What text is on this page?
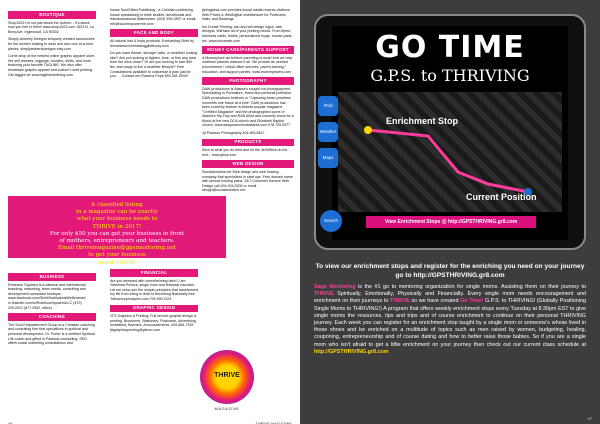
BOUTIQUE
Shop1523 I'm not just about the clothes... It's about how you feel in them! www.shop1523.com 1523 N. La Brea Ave. Inglewood, CA 90302
Simply Amberly Designs Uniquely created accessories for the women looking to wear and own one-of-a-kind pieces. simplyamberlydesigns.etsy.com
Come shop at the newest online graphic apparel store. We sell dresses, leggings, hoodies, shirts, and more featuring your favorite TAGLINE. We also offer wholesale graphic apparel and custom t-shirt printing. Get tagged at: www.taglinesclothing.com
BUSINESS
Robinson Squared is a national and international branding, marketing, team-needs, consulting and development consultant boutique. www.facebook.com/SheWhoMarketsWellInvests/ m.linkedin.com/in/RobinsonSquaredLLC (470) 209.2021 (877.2552, office)
COACHING
The Soul Empowerment Group is a Christian coaching and consulting firm that specializes in spiritual and personal development. Dr. Porter is a certified Spiritual Life coach and gifted in Pastoral counseling. SEG offers social marketing consultations and
house SoulGifted Publishing - a Christian publishing house specializing in bible studies, devotionals and transformational testimonies. (404) 599-2857 or email: info@soulempowerme.com
FACE AND BODY
All natural hair & body products. Everlasting Glide by Ieesa!www.everlastingglidebody.com
Do you want thicker, stronger nails, or healthier looking skin? Are you looking to tighten, tone, or firm any area from the neck down? Or are you looking to lose $40 lbs. and ready to live a healthier lifestyle? Free Consultations available to customize a plan just for you. . . Contact me Rowena Pope 803.391.5944!
FINANCIAL
Are you stressed with overwhelming debt? I am Yamesha Pullock, single mom and financial educator. Let me show you the simple principles that transformed my life from being in debt to becoming financially free. Yafinanceprinciples.com 706.999.2221
GRAPHIC DESIGN
JTS Graphics & Printing: Full service graphic design & printing. Brochures, Stationery, Postcards, Advertising, Invitations, Banners, Announcements. 626.664.7339 jtsgraphicsprinting@yahoo.com
jtsfmglobal.com provides social media reverse citations. Web Prices & WebDigital mobileinsure for Pedicures, Nails, and Bookings
Ink Create Printing: can and will design logos, web designs. Will take all of your printing needs. From flyers, business cards, tshirts, personalized mugs, mouse pads, etc. www.inkcreate.com
MONEY CARE/PARENTS SUPPORT
A Mommylove we believe parenting is work! And we help mothers/ parents balance it all. We provide as needed procurement / virtual office services, parent-training / education, and support parties. www.mommylovers.com
PHOTOGRAPHY
DAW productions is Atlanta's sought out photographers: Specializing in Portraiture, event and personal portfolios. DAW productions believes in "Capturing those priceless moments one frame at a time" DAW productions has been currently feature in Atlanta popular magazine "Certified Magazine" and the photographed some of Atlanta's Hip Hop and R&B Artist and currently shoot for a Music at the new DCA church and Elizabeth Baptist church. www.dawproductionsatlanta.com 678.725.0977
Jd Pearson Photography 404.963.5647
PRODUCTS
Stick to what you do best and let the JerMStick do the rest... www.jstick.com
WEB DESIGN
Socialdomains.net Web design and web hosting company that specializes in start ups. Free domain name with annual hosting plans. 24/7 Customer Service Web Design call 404.924.5200 or email design@socialdomains.net
A classified listing
in a magazine can be exactly
what your business needs to
THRIVE in 2017!
For only $50 you can get your business in front
of mothers, entrepreneurs and teachers.
Email thrivemagazine@gpsmentoring.net
to get your business
listed TODAY
THRIVE
MAGAZINE
46	THRIVE MAGAZINE
GO TIME
G.P.S. to THRIVING
Enrichment Stop
Current Position
iPod
Weather
Maps
Search	View Enrichment Stops @ http://GPSTHRIVING.gr8.com
To view our enrichment stops and register for the enriching you need on your journey go to http://GPSTHRIVING.gr8.com
Sage Mentoring is the #1 go to mentoring organization for single moms. Assisting them on their journey to THRIVE Spiritually, Emotionally, Physically and Financially. Every single mom needs encouragement and enrichment on their journeys to THRIVE so we have created Go Time! G.P.S. to THRIVING! (Globally Positioning Single Moms to THRIVING!) A program that offers weekly enrichment stops every Tuesday at 8:30pm EST to give single moms the resources, tips and trips and of course enrichment to continue on their personal THRIVING journey. Each week you can register for an enrichment stop taught by a single mom or someone's whose lived in those shoes and be enriched on a multitude of topics such as men raised by women, budgeting, healing, couponing, entrepreneurship and of course dating and how to better raise those babies. So if you are a single mom who isn't afraid to get a little enrichment on your journey then check out our current class schedule at http://GPSTHRIVING.gr8.com
47
